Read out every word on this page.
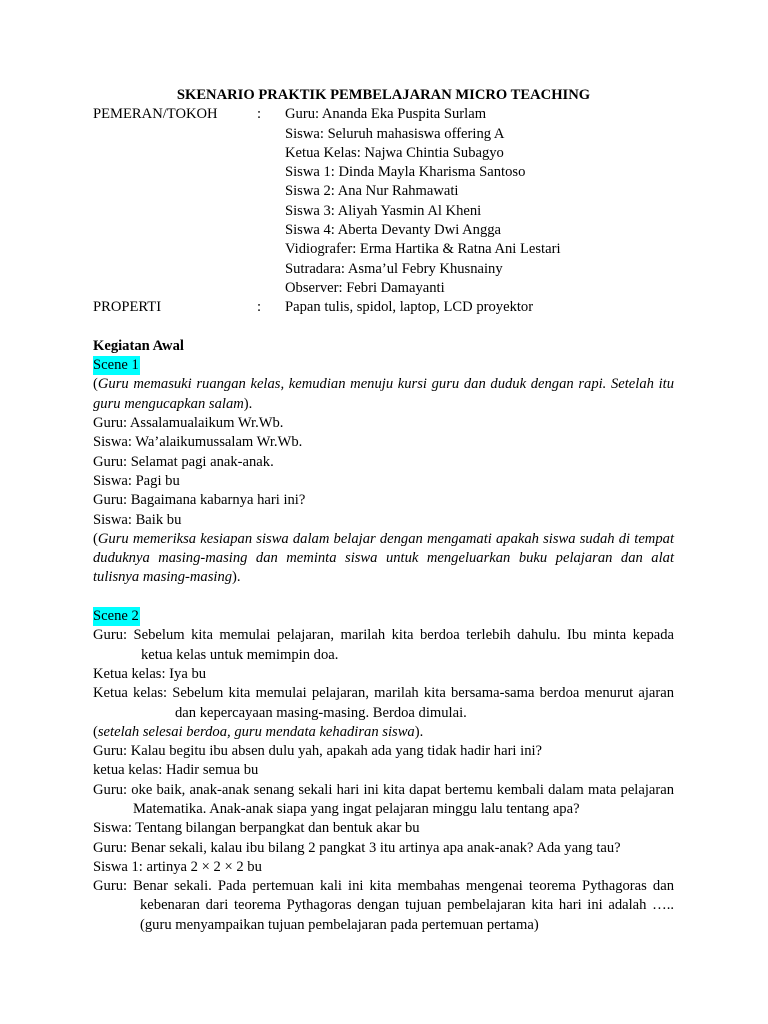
SKENARIO PRAKTIK PEMBELAJARAN MICRO TEACHING

PEMERAN/TOKOH	:	Guru: Ananda Eka Puspita Surlam
Siswa: Seluruh mahasiswa offering A
Ketua Kelas: Najwa Chintia Subagyo
Siswa 1: Dinda Mayla Kharisma Santoso
Siswa 2: Ana Nur Rahmawati
Siswa 3: Aliyah Yasmin Al Kheni
Siswa 4: Aberta Devanty Dwi Angga
Vidiografer: Erma Hartika & Ratna Ani Lestari
Sutradara: Asma’ul Febry Khusnainy
Observer: Febri Damayanti
PROPERTI	:	Papan tulis, spidol, laptop, LCD proyektor

Kegiatan Awal

Scene 1

(Guru memasuki ruangan kelas, kemudian menuju kursi guru dan duduk dengan rapi. Setelah itu guru mengucapkan salam).

Guru: Assalamualaikum Wr.Wb.

Siswa: Wa’alaikumussalam Wr.Wb.

Guru: Selamat pagi anak-anak.

Siswa: Pagi bu

Guru: Bagaimana kabarnya hari ini?

Siswa: Baik bu

(Guru memeriksa kesiapan siswa dalam belajar dengan mengamati apakah siswa sudah di tempat duduknya masing-masing dan meminta siswa untuk mengeluarkan buku pelajaran dan alat tulisnya masing-masing).

Scene 2

Guru: Sebelum kita memulai pelajaran, marilah kita berdoa terlebih dahulu. Ibu minta kepada ketua kelas untuk memimpin doa.

Ketua kelas: Iya bu

Ketua kelas: Sebelum kita memulai pelajaran, marilah kita bersama-sama berdoa menurut ajaran dan kepercayaan masing-masing. Berdoa dimulai.

(setelah selesai berdoa, guru mendata kehadiran siswa).

Guru: Kalau begitu ibu absen dulu yah, apakah ada yang tidak hadir hari ini?

ketua kelas: Hadir semua bu

Guru: oke baik, anak-anak senang sekali hari ini kita dapat bertemu kembali dalam mata pelajaran Matematika. Anak-anak siapa yang ingat pelajaran minggu lalu tentang apa?

Siswa: Tentang bilangan berpangkat dan bentuk akar bu

Guru: Benar sekali, kalau ibu bilang 2 pangkat 3 itu artinya apa anak-anak? Ada yang tau?

Siswa 1: artinya 2 × 2 × 2 bu

Guru: Benar sekali. Pada pertemuan kali ini kita membahas mengenai teorema Pythagoras dan kebenaran dari teorema Pythagoras dengan tujuan pembelajaran kita hari ini adalah ….. (guru menyampaikan tujuan pembelajaran pada pertemuan pertama)
